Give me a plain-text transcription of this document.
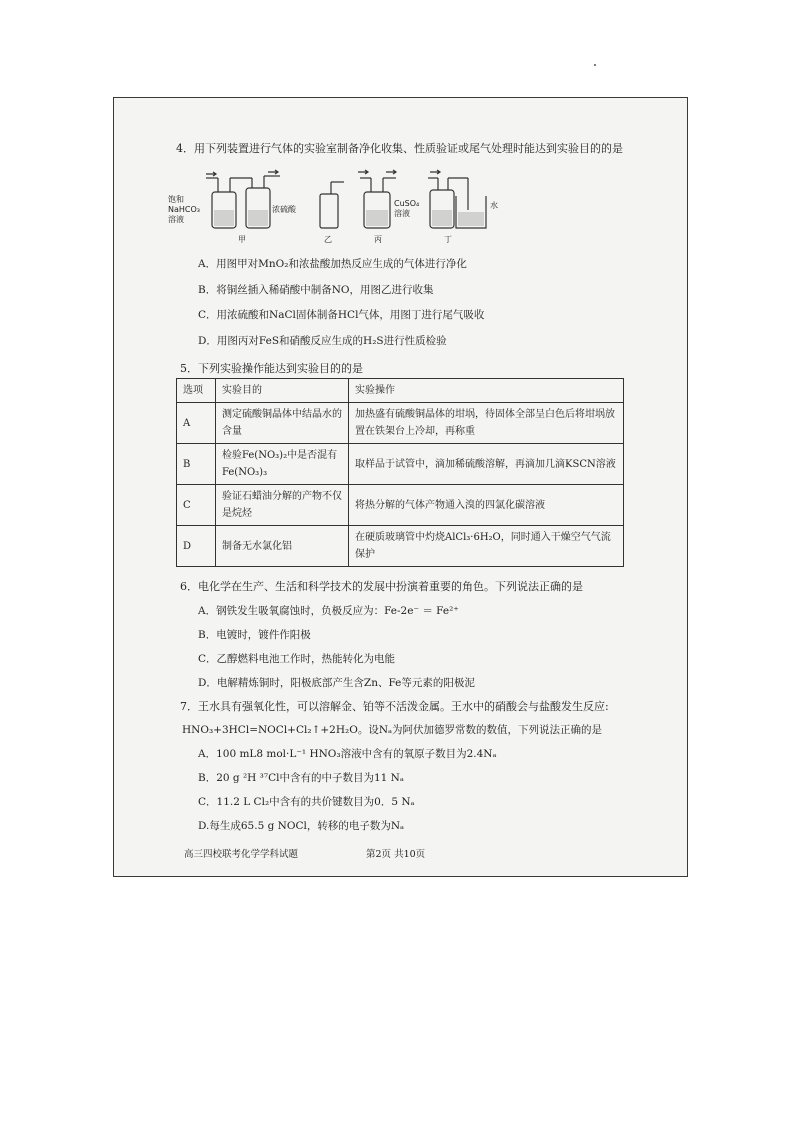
4．用下列装置进行气体的实验室制备净化收集、性质验证或尾气处理时能达到实验目的的是
饱和
NaHCO₃
溶液
浓硫酸
CuSO₄
溶液
水
甲	乙	丙	丁
A．用图甲对MnO₂和浓盐酸加热反应生成的气体进行净化
B．将铜丝插入稀硝酸中制备NO，用图乙进行收集
C．用浓硫酸和NaCl固体制备HCl气体，用图丁进行尾气吸收
D．用图丙对FeS和硝酸反应生成的H₂S进行性质检验
5．下列实验操作能达到实验目的的是
选项	实验目的	实验操作
A	测定硫酸铜晶体中结晶水的含量	加热盛有硫酸铜晶体的坩埚，待固体全部呈白色后将坩埚放置在铁架台上冷却，再称重
B	检验Fe(NO₃)₂中是否混有Fe(NO₃)₃	取样品于试管中，滴加稀硫酸溶解，再滴加几滴KSCN溶液
C	验证石蜡油分解的产物不仅是烷烃	将热分解的气体产物通入溴的四氯化碳溶液
D	制备无水氯化铝	在硬质玻璃管中灼烧AlCl₃·6H₂O，同时通入干燥空气气流保护
6．电化学在生产、生活和科学技术的发展中扮演着重要的角色。下列说法正确的是
A．钢铁发生吸氧腐蚀时，负极反应为：Fe-2e⁻ ＝ Fe²⁺
B．电镀时，镀件作阳极
C．乙醇燃料电池工作时，热能转化为电能
D．电解精炼铜时，阳极底部产生含Zn、Fe等元素的阳极泥
7．王水具有强氧化性，可以溶解金、铂等不活泼金属。王水中的硝酸会与盐酸发生反应:
HNO₃+3HCl=NOCl+Cl₂↑+2H₂O。设Nₐ为阿伏加德罗常数的数值，下列说法正确的是
A．100 mL8 mol·L⁻¹ HNO₃溶液中含有的氧原子数目为2.4Nₐ
B．20 g ²H ³⁷Cl中含有的中子数目为11 Nₐ
C．11.2 L Cl₂中含有的共价键数目为0．5 Nₐ
D.每生成65.5 g NOCl，转移的电子数为Nₐ
高三四校联考化学学科试题	第2页 共10页
